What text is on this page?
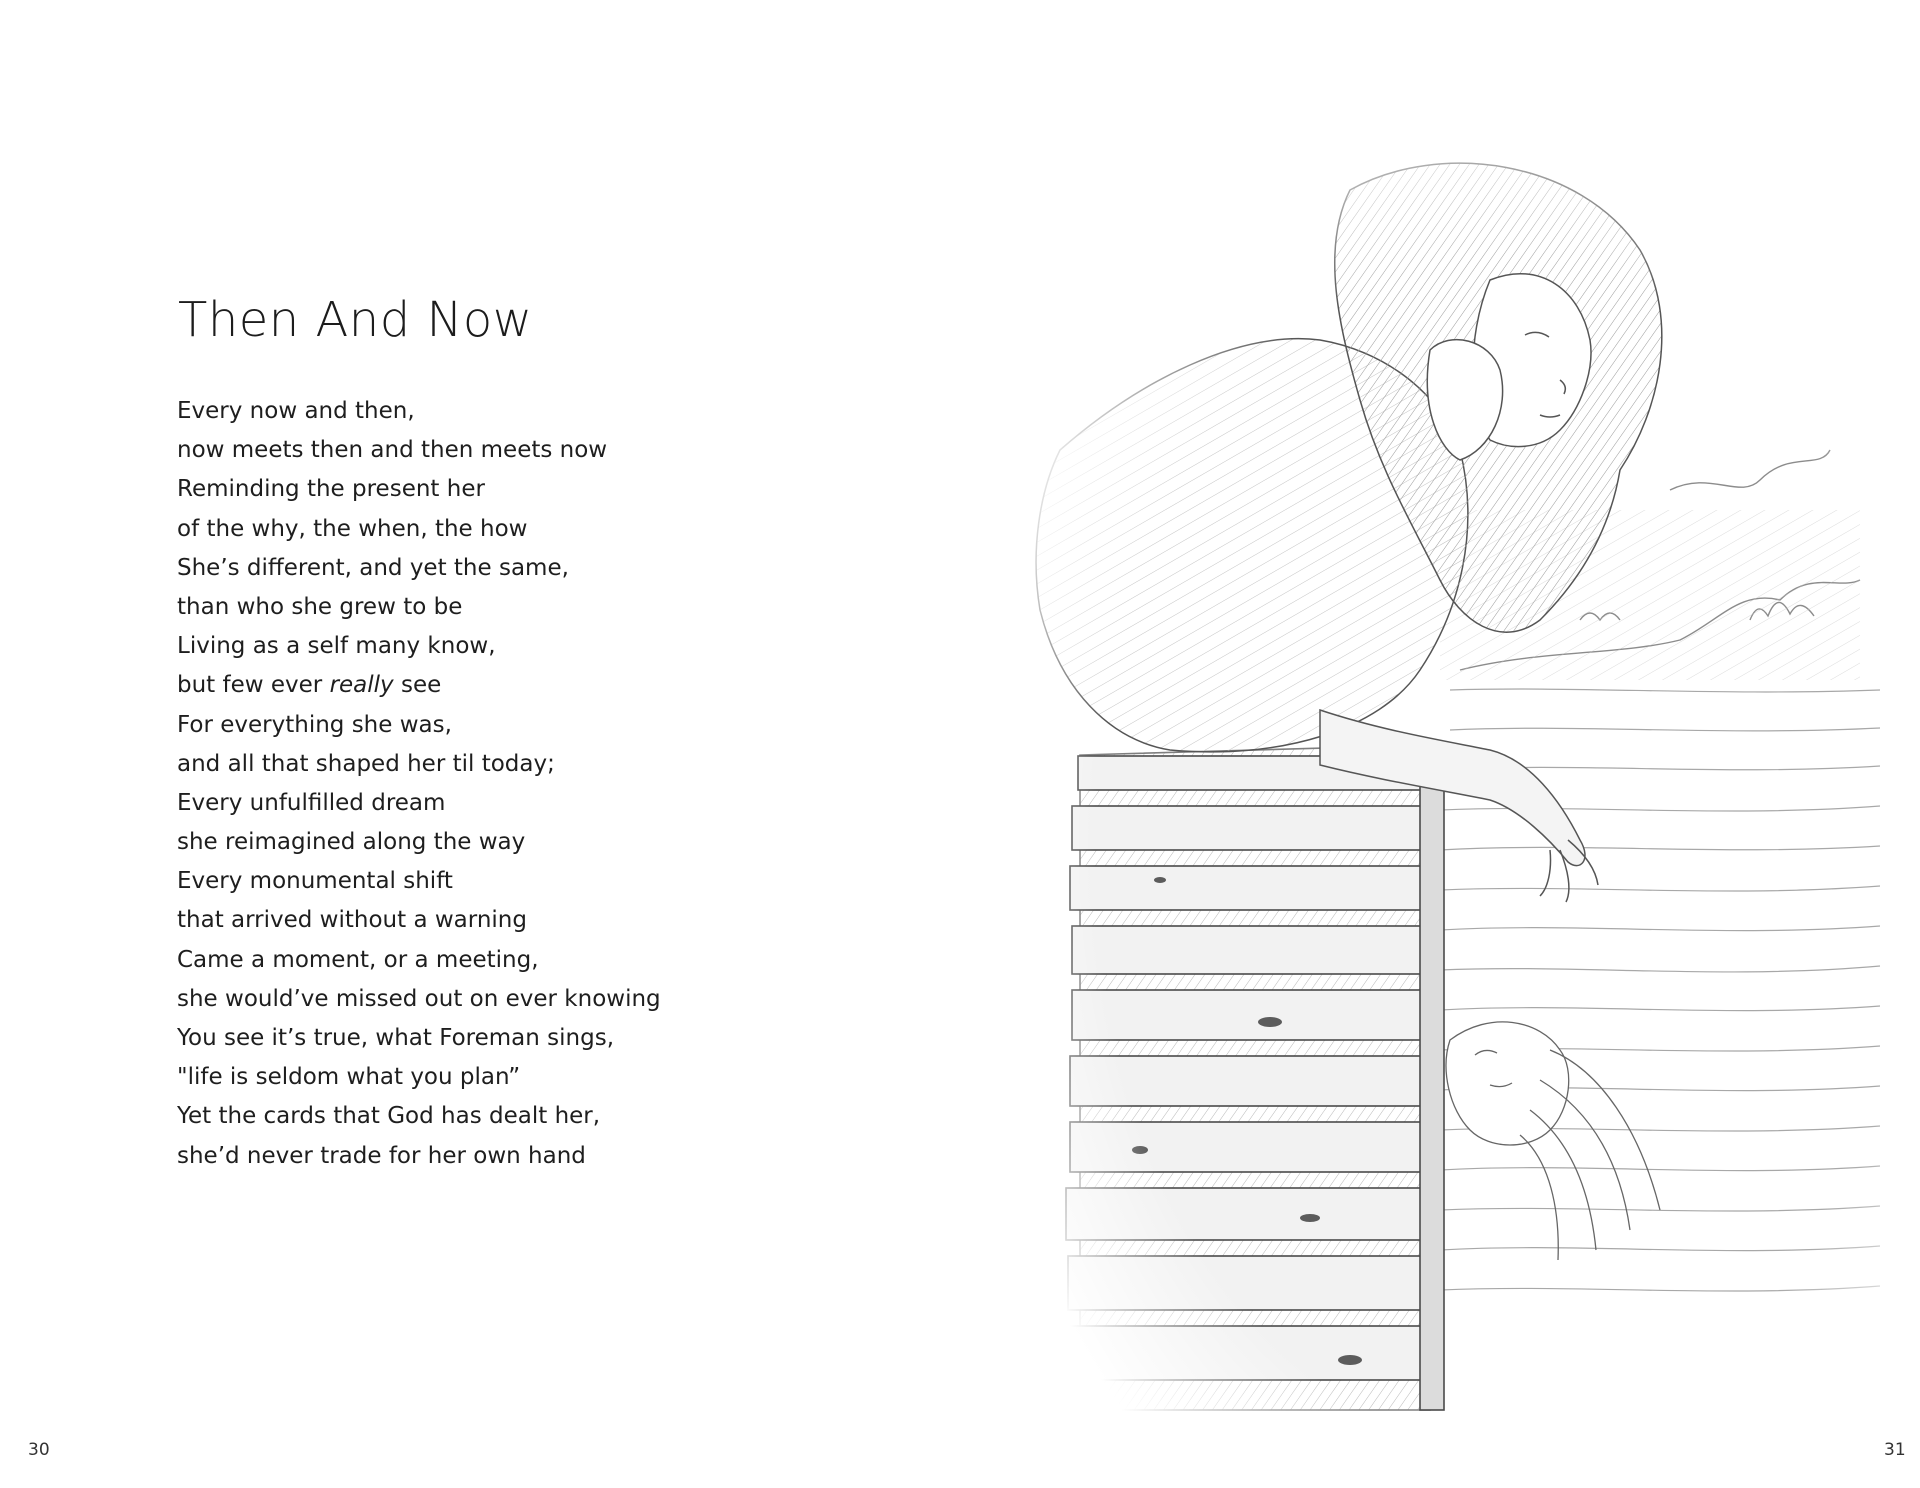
Then And Now
Every now and then,
now meets then and then meets now
Reminding the present her
of the why, the when, the how
She’s different, and yet the same,
than who she grew to be
Living as a self many know,
but few ever really see
For everything she was,
and all that shaped her til today;
Every unfulfilled dream
she reimagined along the way
Every monumental shift
that arrived without a warning
Came a moment, or a meeting,
she would’ve missed out on ever knowing
You see it’s true, what Foreman sings,
"life is seldom what you plan”
Yet the cards that God has dealt her,
she’d never trade for her own hand
30	31
